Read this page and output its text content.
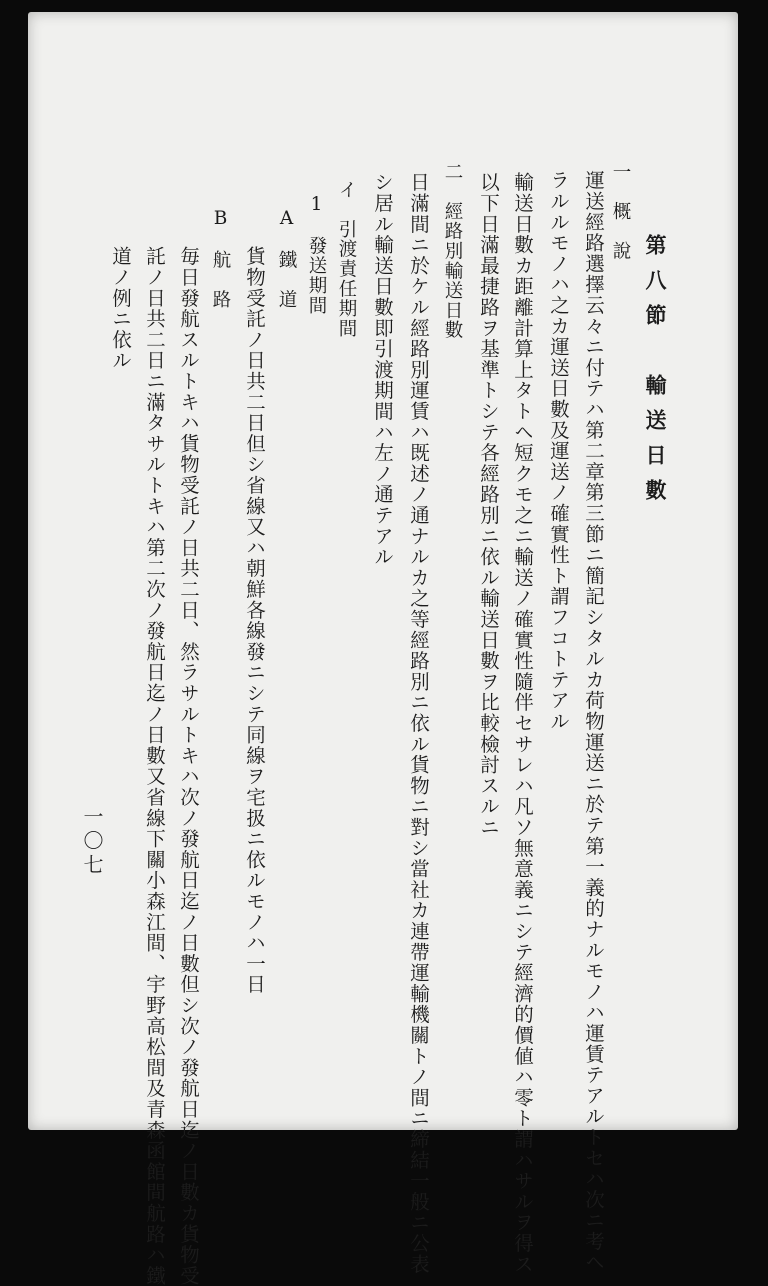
第八節　輸送日數
一　概　說
運送經路選擇云々ニ付テハ第二章第三節ニ簡記シタルカ荷物運送ニ於テ第一義的ナルモノハ運賃テアルトセハ次ニ考ヘ
ラルルモノハ之カ運送日數及運送ノ確實性ト謂フコトテアル
輸送日數カ距離計算上タトヘ短クモ之ニ輸送ノ確實性隨伴セサレハ凡ソ無意義ニシテ經濟的價値ハ零ト謂ハサルヲ得ス
以下日滿最捷路ヲ基準トシテ各經路別ニ依ル輸送日數ヲ比較檢討スルニ
二　經路別輸送日數
日滿間ニ於ケル經路別運賃ハ既述ノ通ナルカ之等經路別ニ依ル貨物ニ對シ當社カ連帶運輸機關トノ間ニ締結一般ニ公表
シ居ル輸送日數即引渡期間ハ左ノ通テアル
イ　引渡責任期間
1　發送期間
A　鐵　道
貨物受託ノ日共二日但シ省線又ハ朝鮮各線發ニシテ同線ヲ宅扱ニ依ルモノハ一日
B　航　路
毎日發航スルトキハ貨物受託ノ日共二日、然ラサルトキハ次ノ發航日迄ノ日數但シ次ノ發航日迄ノ日數カ貨物受
託ノ日共二日ニ滿タサルトキハ第二次ノ發航日迄ノ日數又省線下關小森江間、宇野高松間及青森函館間航路ハ鐵
道ノ例ニ依ル
一〇七
